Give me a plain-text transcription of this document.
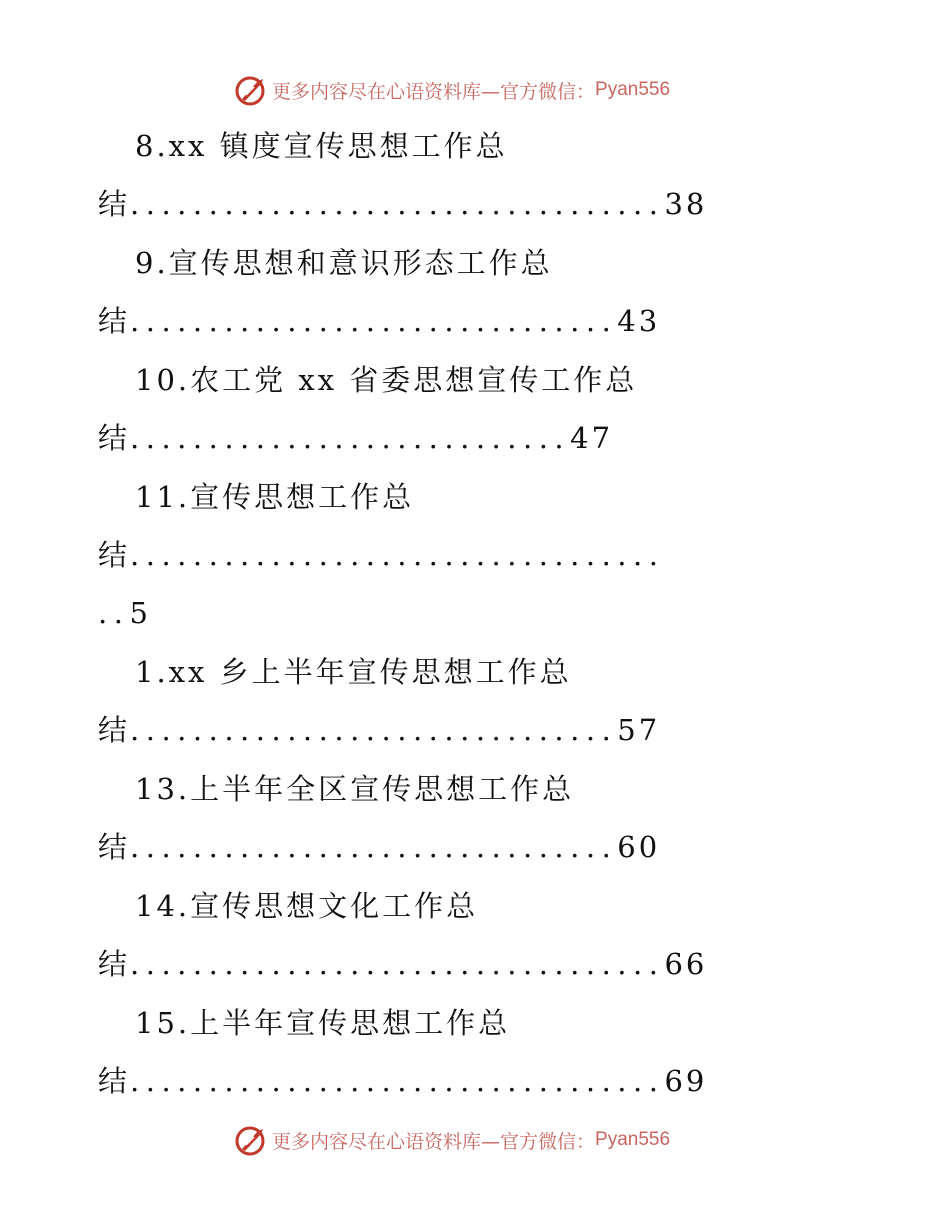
更多内容尽在心语资料库—官方微信： Pyan556
8.xx 镇度宣传思想工作总
结..................................38
9.宣传思想和意识形态工作总
结...............................43
10.农工党 xx 省委思想宣传工作总
结............................47
11.宣传思想工作总
结..................................
..5
1.xx 乡上半年宣传思想工作总
结...............................57
13.上半年全区宣传思想工作总
结...............................60
14.宣传思想文化工作总
结..................................66
15.上半年宣传思想工作总
结..................................69
更多内容尽在心语资料库—官方微信： Pyan556
